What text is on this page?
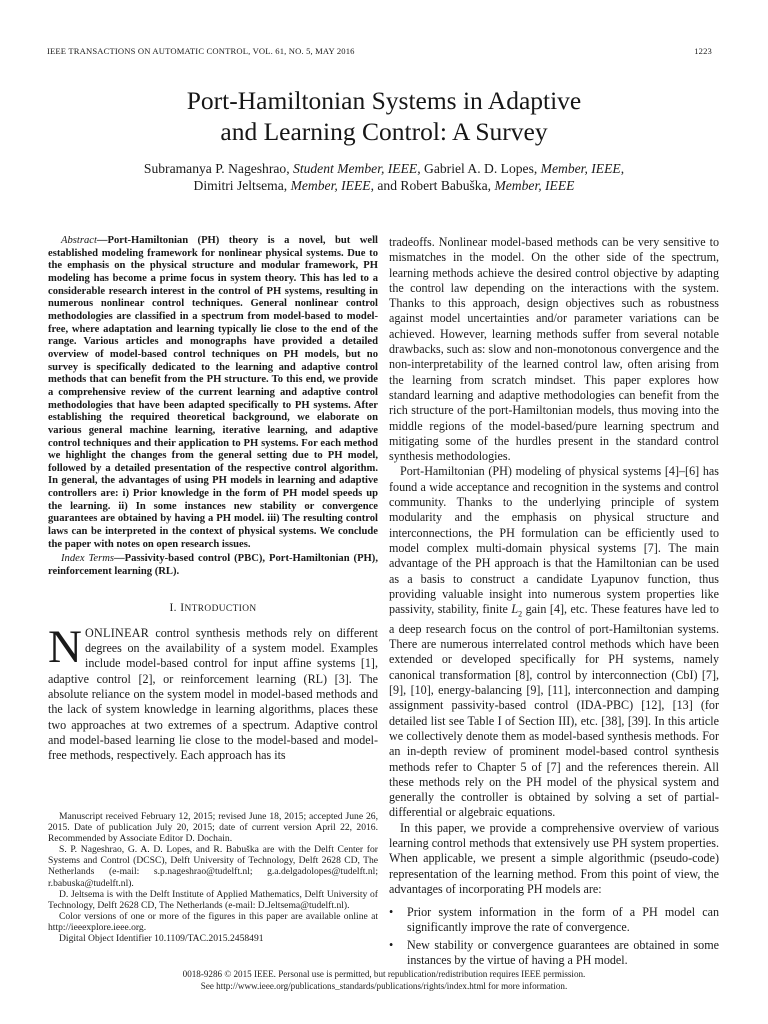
IEEE TRANSACTIONS ON AUTOMATIC CONTROL, VOL. 61, NO. 5, MAY 2016	1223
Port-Hamiltonian Systems in Adaptive
and Learning Control: A Survey
Subramanya P. Nageshrao, Student Member, IEEE, Gabriel A. D. Lopes, Member, IEEE,
Dimitri Jeltsema, Member, IEEE, and Robert Babuška, Member, IEEE

Abstract—Port-Hamiltonian (PH) theory is a novel, but well established modeling framework for nonlinear physical systems. Due to the emphasis on the physical structure and modular framework, PH modeling has become a prime focus in system theory. This has led to a considerable research interest in the control of PH systems, resulting in numerous nonlinear control techniques. General nonlinear control methodologies are classified in a spectrum from model-based to model-free, where adaptation and learning typically lie close to the end of the range. Various articles and monographs have provided a detailed overview of model-based control techniques on PH models, but no survey is specifically dedicated to the learning and adaptive control methods that can benefit from the PH structure. To this end, we provide a comprehensive review of the current learning and adaptive control methodologies that have been adapted specifically to PH systems. After establishing the required theoretical background, we elaborate on various general machine learning, iterative learning, and adaptive control techniques and their application to PH systems. For each method we highlight the changes from the general setting due to PH model, followed by a detailed presentation of the respective control algorithm. In general, the advantages of using PH models in learning and adaptive controllers are: i) Prior knowledge in the form of PH model speeds up the learning. ii) In some instances new stability or convergence guarantees are obtained by having a PH model. iii) The resulting control laws can be interpreted in the context of physical systems. We conclude the paper with notes on open research issues.

Index Terms—Passivity-based control (PBC), Port-Hamiltonian (PH), reinforcement learning (RL).

I. INTRODUCTION

NONLINEAR control synthesis methods rely on different degrees on the availability of a system model. Examples include model-based control for input affine systems [1], adaptive control [2], or reinforcement learning (RL) [3]. The absolute reliance on the system model in model-based methods and the lack of system knowledge in learning algorithms, places these two approaches at two extremes of a spectrum. Adaptive control and model-based learning lie close to the model-based and model-free methods, respectively. Each approach has its

Manuscript received February 12, 2015; revised June 18, 2015; accepted June 26, 2015. Date of publication July 20, 2015; date of current version April 22, 2016. Recommended by Associate Editor D. Dochain.

S. P. Nageshrao, G. A. D. Lopes, and R. Babuška are with the Delft Center for Systems and Control (DCSC), Delft University of Technology, Delft 2628 CD, The Netherlands (e-mail: s.p.nageshrao@tudelft.nl; g.a.delgadolopes@tudelft.nl; r.babuska@tudelft.nl).

D. Jeltsema is with the Delft Institute of Applied Mathematics, Delft University of Technology, Delft 2628 CD, The Netherlands (e-mail: D.Jeltsema@tudelft.nl).

Color versions of one or more of the figures in this paper are available online at http://ieeexplore.ieee.org.

Digital Object Identifier 10.1109/TAC.2015.2458491

tradeoffs. Nonlinear model-based methods can be very sensitive to mismatches in the model. On the other side of the spectrum, learning methods achieve the desired control objective by adapting the control law depending on the interactions with the system. Thanks to this approach, design objectives such as robustness against model uncertainties and/or parameter variations can be achieved. However, learning methods suffer from several notable drawbacks, such as: slow and non-monotonous convergence and the non-interpretability of the learned control law, often arising from the learning from scratch mindset. This paper explores how standard learning and adaptive methodologies can benefit from the rich structure of the port-Hamiltonian models, thus moving into the middle regions of the model-based/pure learning spectrum and mitigating some of the hurdles present in the standard control synthesis methodologies.

Port-Hamiltonian (PH) modeling of physical systems [4]–[6] has found a wide acceptance and recognition in the systems and control community. Thanks to the underlying principle of system modularity and the emphasis on physical structure and interconnections, the PH formulation can be efficiently used to model complex multi-domain physical systems [7]. The main advantage of the PH approach is that the Hamiltonian can be used as a basis to construct a candidate Lyapunov function, thus providing valuable insight into numerous system properties like passivity, stability, finite $L_2$ gain [4], etc. These features have led to a deep research focus on the control of port-Hamiltonian systems. There are numerous interrelated control methods which have been extended or developed specifically for PH systems, namely canonical transformation [8], control by interconnection (CbI) [7], [9], [10], energy-balancing [9], [11], interconnection and damping assignment passivity-based control (IDA-PBC) [12], [13] (for detailed list see Table I of Section III), etc. [38], [39]. In this article we collectively denote them as model-based synthesis methods. For an in-depth review of prominent model-based control synthesis methods refer to Chapter 5 of [7] and the references therein. All these methods rely on the PH model of the physical system and generally the controller is obtained by solving a set of partial-differential or algebraic equations.

In this paper, we provide a comprehensive overview of various learning control methods that extensively use PH system properties. When applicable, we present a simple algorithmic (pseudo-code) representation of the learning method. From this point of view, the advantages of incorporating PH models are:

• Prior system information in the form of a PH model can significantly improve the rate of convergence.
• New stability or convergence guarantees are obtained in some instances by the virtue of having a PH model.
0018-9286 © 2015 IEEE. Personal use is permitted, but republication/redistribution requires IEEE permission.
See http://www.ieee.org/publications_standards/publications/rights/index.html for more information.
